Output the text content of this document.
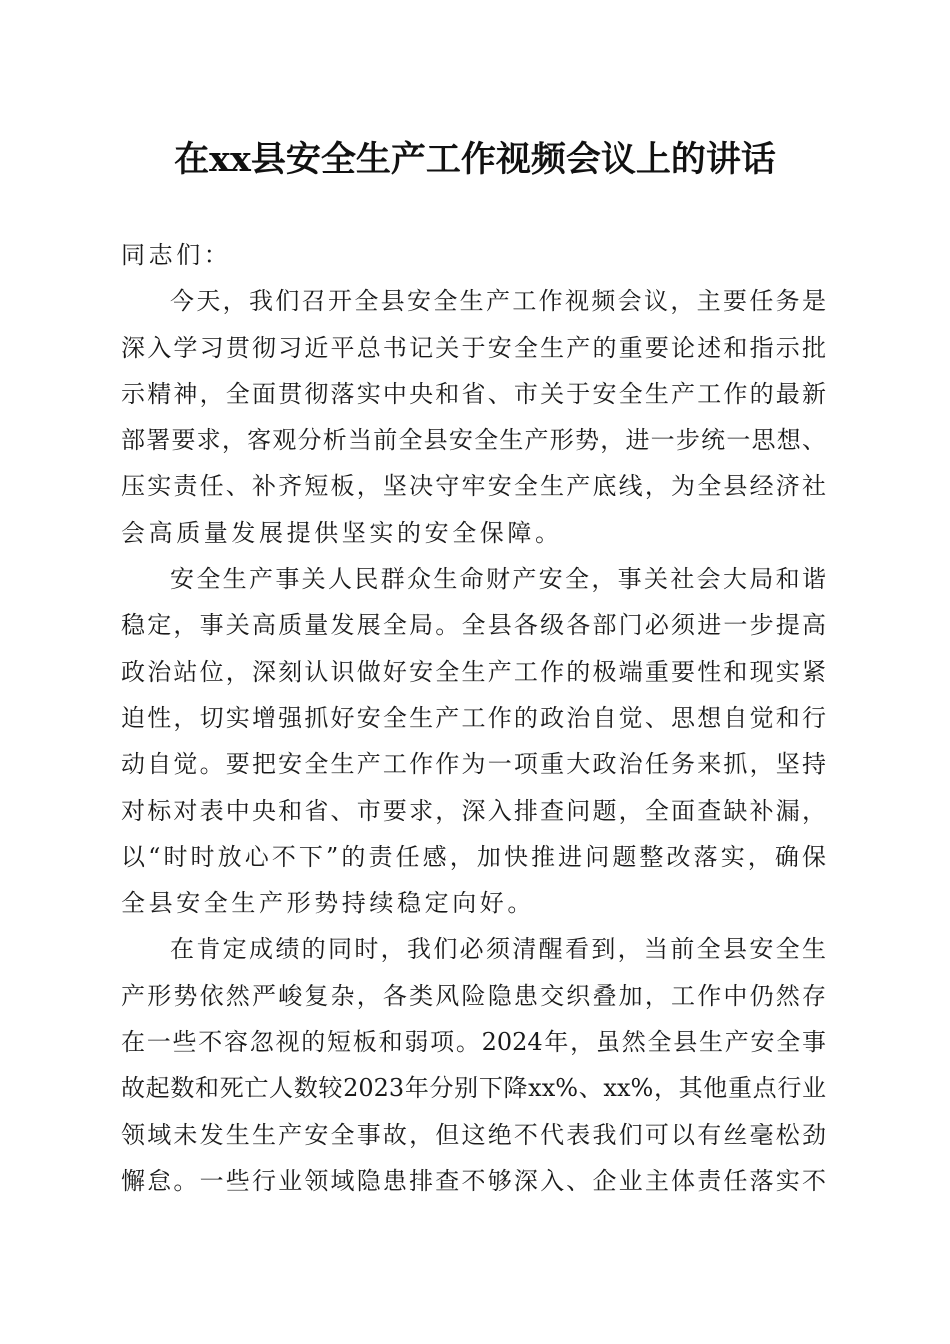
在xx县安全生产工作视频会议上的讲话
同志们：
今天，我们召开全县安全生产工作视频会议，主要任务是
深入学习贯彻习近平总书记关于安全生产的重要论述和指示批
示精神，全面贯彻落实中央和省、市关于安全生产工作的最新
部署要求，客观分析当前全县安全生产形势，进一步统一思想、
压实责任、补齐短板，坚决守牢安全生产底线，为全县经济社
会高质量发展提供坚实的安全保障。
安全生产事关人民群众生命财产安全，事关社会大局和谐
稳定，事关高质量发展全局。全县各级各部门必须进一步提高
政治站位，深刻认识做好安全生产工作的极端重要性和现实紧
迫性，切实增强抓好安全生产工作的政治自觉、思想自觉和行
动自觉。要把安全生产工作作为一项重大政治任务来抓，坚持
对标对表中央和省、市要求，深入排查问题，全面查缺补漏，
以“时时放心不下”的责任感，加快推进问题整改落实，确保
全县安全生产形势持续稳定向好。
在肯定成绩的同时，我们必须清醒看到，当前全县安全生
产形势依然严峻复杂，各类风险隐患交织叠加，工作中仍然存
在一些不容忽视的短板和弱项。2024年，虽然全县生产安全事
故起数和死亡人数较2023年分别下降xx%、xx%，其他重点行业
领域未发生生产安全事故，但这绝不代表我们可以有丝毫松劲
懈怠。一些行业领域隐患排查不够深入、企业主体责任落实不
